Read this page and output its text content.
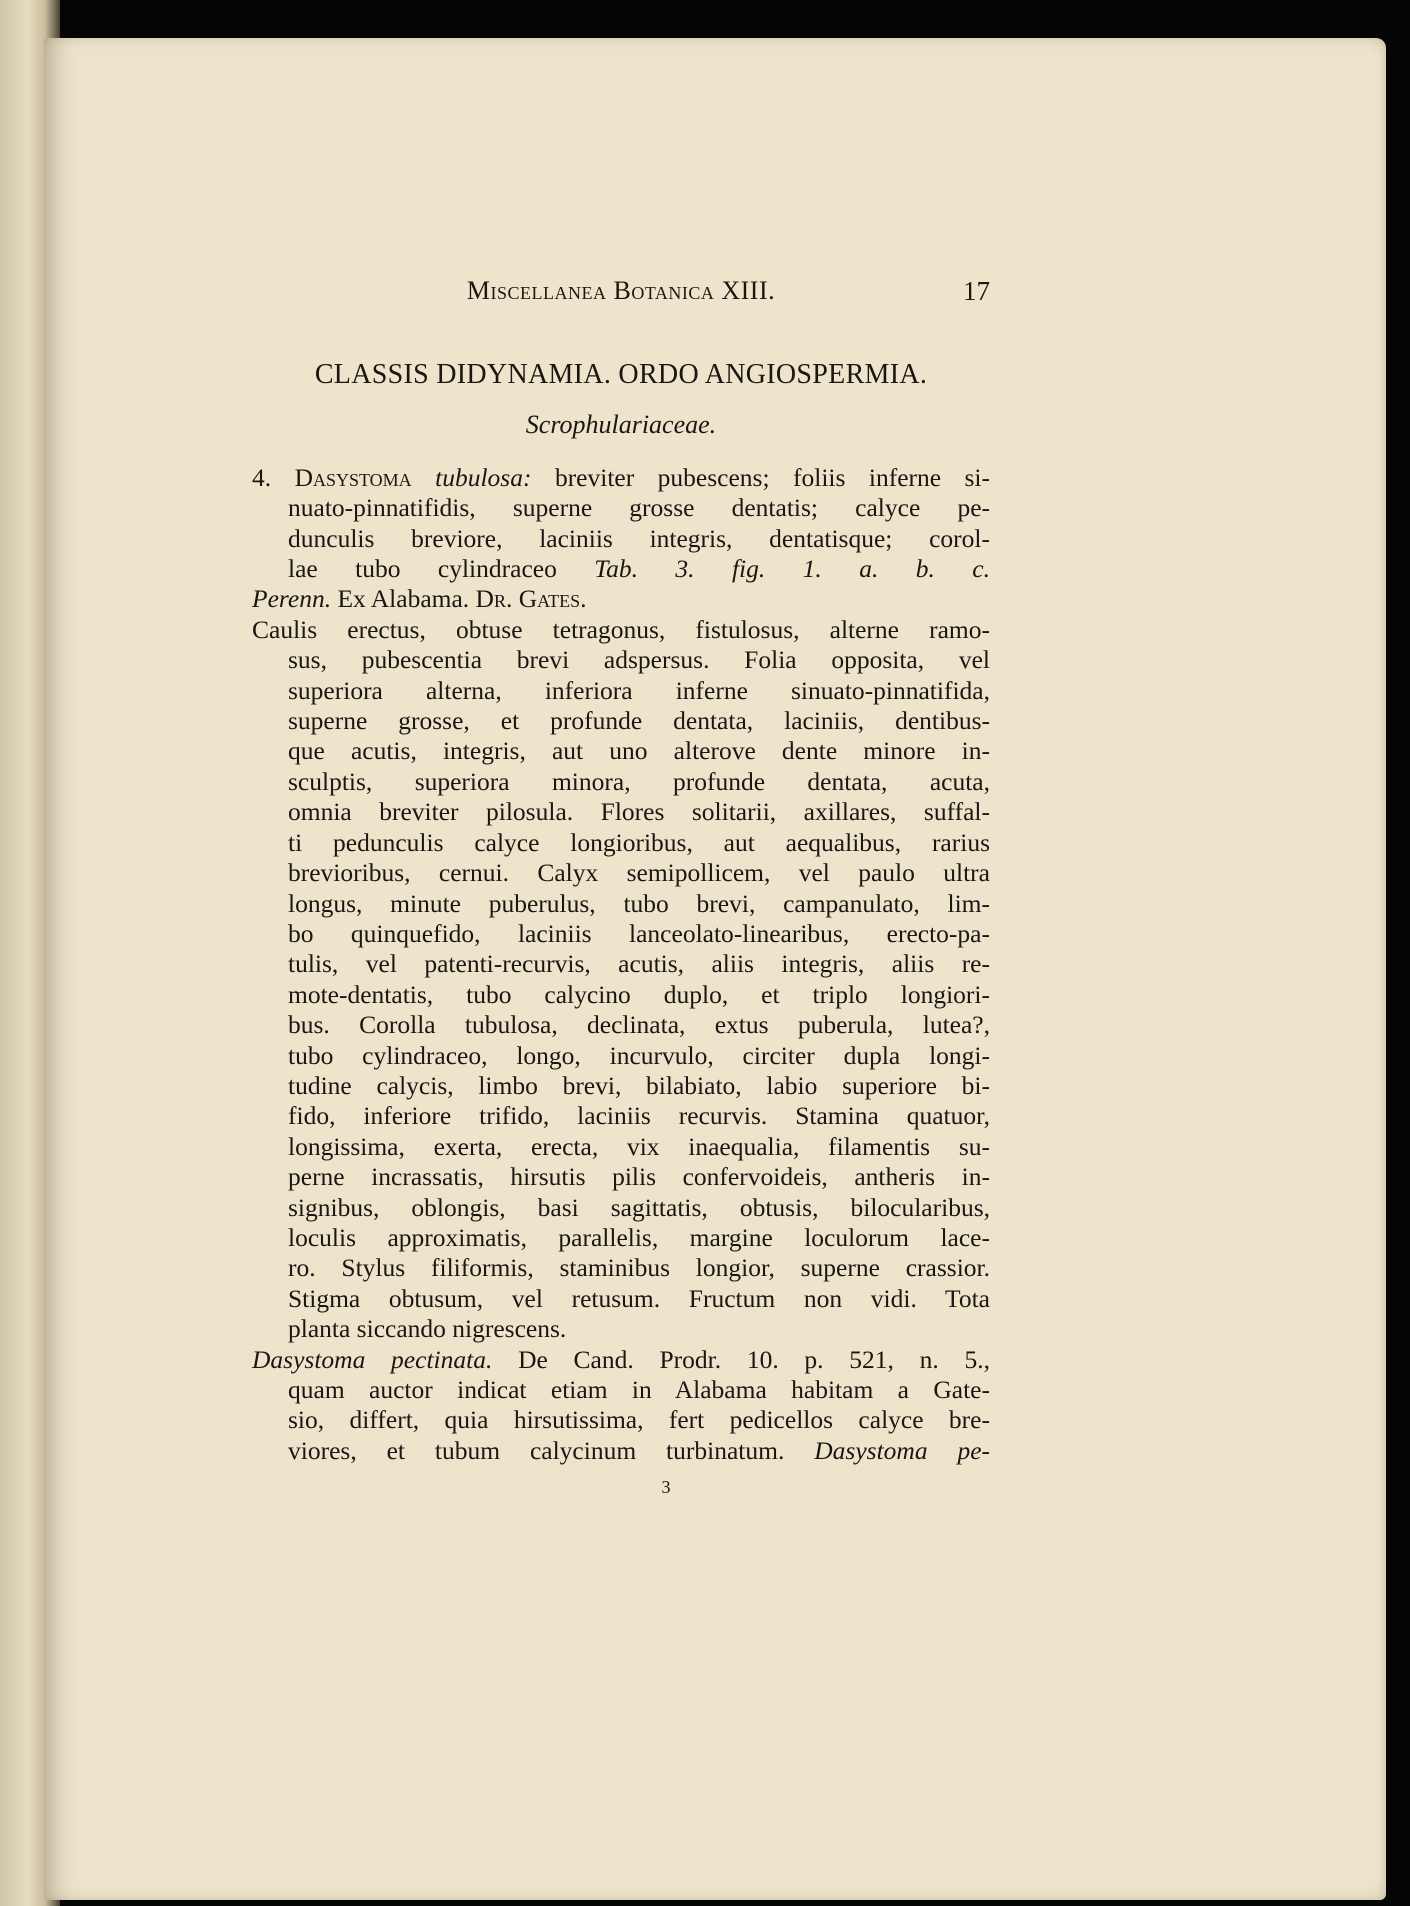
Miscellanea Botanica XIII.	17
CLASSIS DIDYNAMIA. ORDO ANGIOSPERMIA.
Scrophulariaceae.
4. Dasystoma tubulosa: breviter pubescens; foliis inferne si-
nuato-pinnatifidis, superne grosse dentatis; calyce pe-
dunculis breviore, laciniis integris, dentatisque; corol-
lae tubo cylindraceo Tab. 3. fig. 1. a. b. c.
Perenn. Ex Alabama. Dr. Gates.
Caulis erectus, obtuse tetragonus, fistulosus, alterne ramo-
sus, pubescentia brevi adspersus. Folia opposita, vel
superiora alterna, inferiora inferne sinuato-pinnatifida,
superne grosse, et profunde dentata, laciniis, dentibus-
que acutis, integris, aut uno alterove dente minore in-
sculptis, superiora minora, profunde dentata, acuta,
omnia breviter pilosula. Flores solitarii, axillares, suffal-
ti pedunculis calyce longioribus, aut aequalibus, rarius
brevioribus, cernui. Calyx semipollicem, vel paulo ultra
longus, minute puberulus, tubo brevi, campanulato, lim-
bo quinquefido, laciniis lanceolato-linearibus, erecto-pa-
tulis, vel patenti-recurvis, acutis, aliis integris, aliis re-
mote-dentatis, tubo calycino duplo, et triplo longiori-
bus. Corolla tubulosa, declinata, extus puberula, lutea?,
tubo cylindraceo, longo, incurvulo, circiter dupla longi-
tudine calycis, limbo brevi, bilabiato, labio superiore bi-
fido, inferiore trifido, laciniis recurvis. Stamina quatuor,
longissima, exerta, erecta, vix inaequalia, filamentis su-
perne incrassatis, hirsutis pilis confervoideis, antheris in-
signibus, oblongis, basi sagittatis, obtusis, bilocularibus,
loculis approximatis, parallelis, margine loculorum lace-
ro. Stylus filiformis, staminibus longior, superne crassior.
Stigma obtusum, vel retusum. Fructum non vidi. Tota
planta siccando nigrescens.
Dasystoma pectinata. De Cand. Prodr. 10. p. 521, n. 5.,
quam auctor indicat etiam in Alabama habitam a Gate-
sio, differt, quia hirsutissima, fert pedicellos calyce bre-
viores, et tubum calycinum turbinatum. Dasystoma pe-
3
